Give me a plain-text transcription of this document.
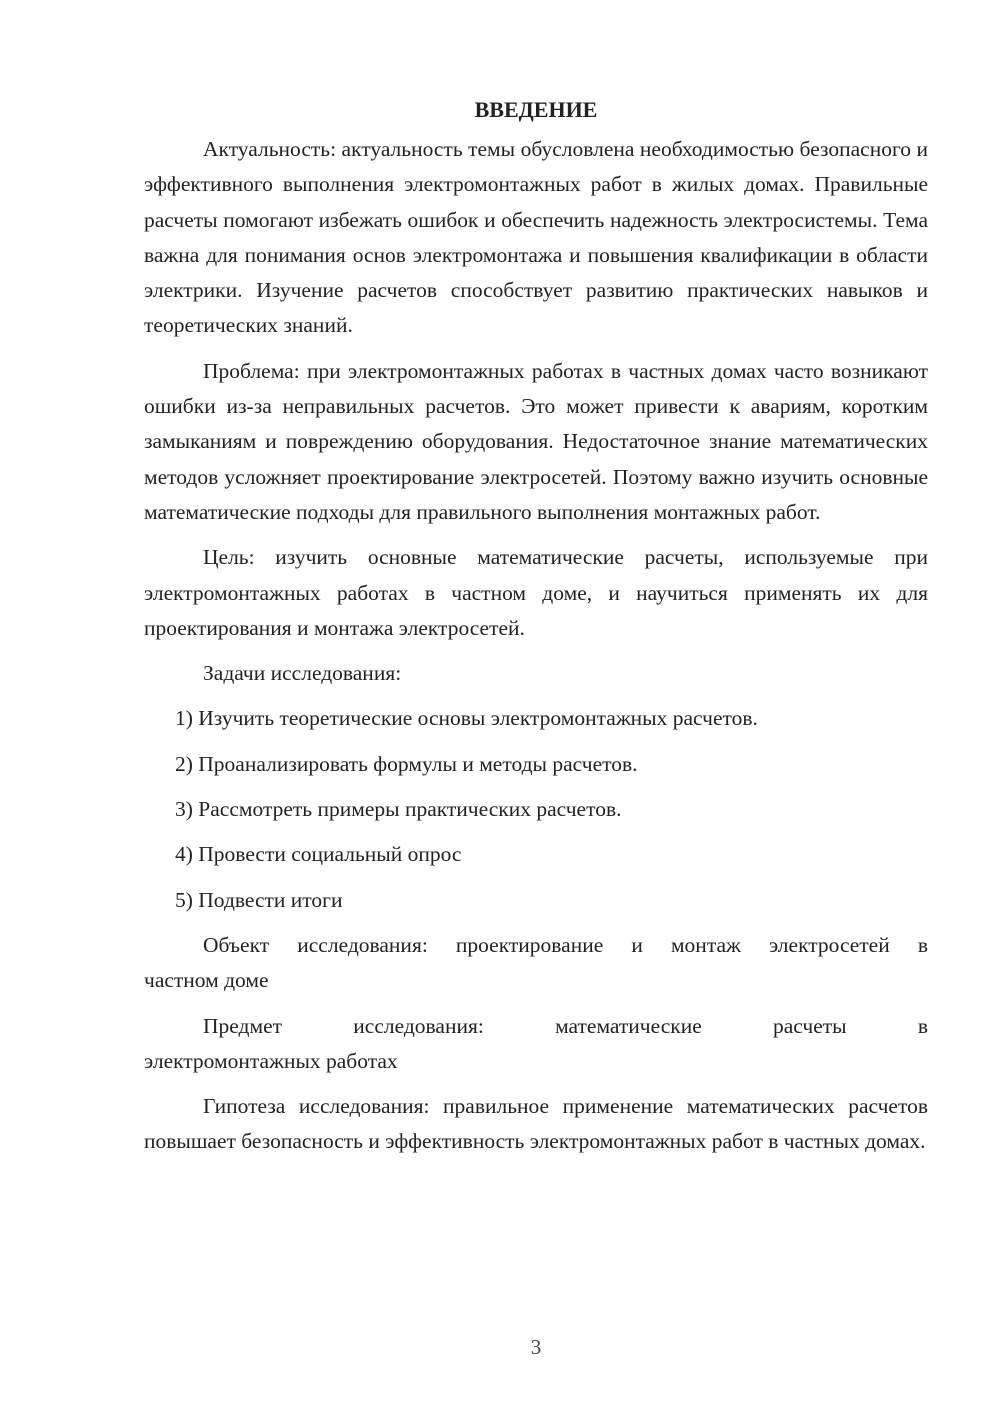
ВВЕДЕНИЕ

Актуальность: актуальность темы обусловлена необходимостью безопасного и эффективного выполнения электромонтажных работ в жилых домах. Правильные расчеты помогают избежать ошибок и обеспечить надежность электросистемы. Тема важна для понимания основ электромонтажа и повышения квалификации в области электрики. Изучение расчетов способствует развитию практических навыков и теоретических знаний.

Проблема: при электромонтажных работах в частных домах часто возникают ошибки из-за неправильных расчетов. Это может привести к авариям, коротким замыканиям и повреждению оборудования. Недостаточное знание математических методов усложняет проектирование электросетей. Поэтому важно изучить основные математические подходы для правильного выполнения монтажных работ.

Цель: изучить основные математические расчеты, используемые при электромонтажных работах в частном доме, и научиться применять их для проектирования и монтажа электросетей.

Задачи исследования:

1) Изучить теоретические основы электромонтажных расчетов.
2) Проанализировать формулы и методы расчетов.
3) Рассмотреть примеры практических расчетов.
4) Провести социальный опрос
5) Подвести итоги

Объект исследования: проектирование и монтаж электросетей в
частном доме

Предмет исследования: математические расчеты в
электромонтажных работах

Гипотеза исследования: правильное применение математических расчетов повышает безопасность и эффективность электромонтажных работ в частных домах.

3
